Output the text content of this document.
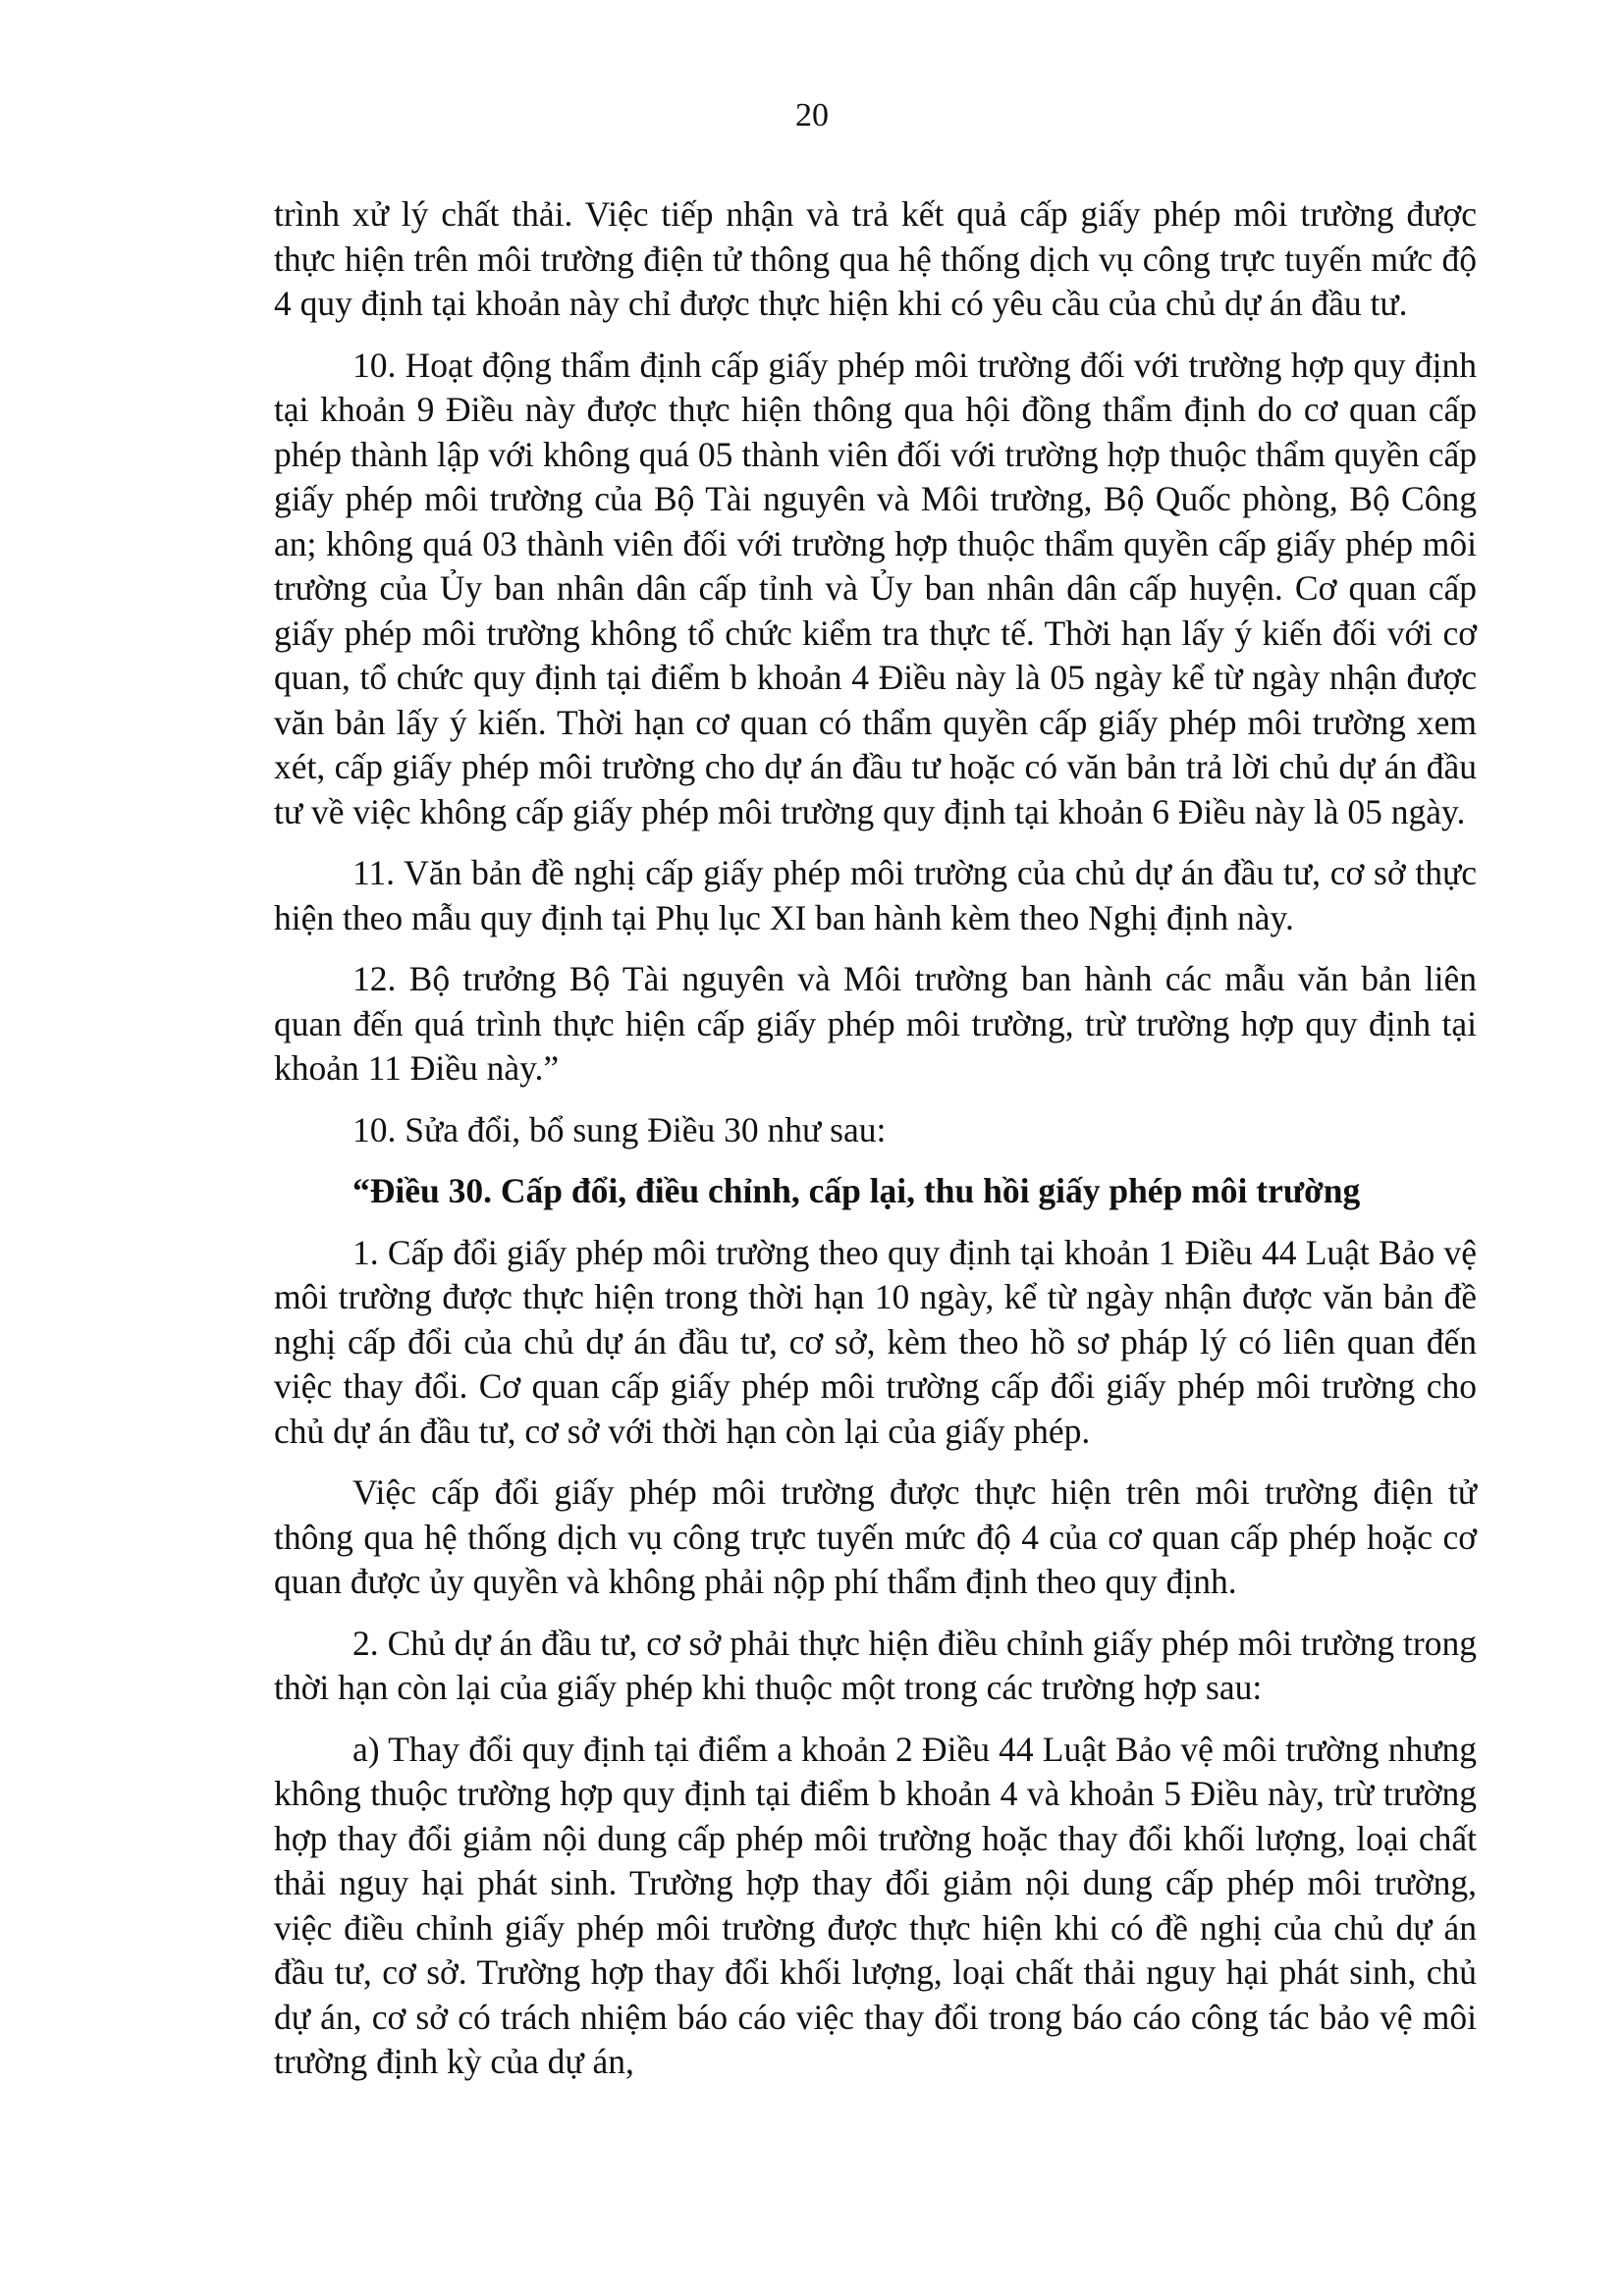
20

trình xử lý chất thải. Việc tiếp nhận và trả kết quả cấp giấy phép môi trường được thực hiện trên môi trường điện tử thông qua hệ thống dịch vụ công trực tuyến mức độ 4 quy định tại khoản này chỉ được thực hiện khi có yêu cầu của chủ dự án đầu tư.

10. Hoạt động thẩm định cấp giấy phép môi trường đối với trường hợp quy định tại khoản 9 Điều này được thực hiện thông qua hội đồng thẩm định do cơ quan cấp phép thành lập với không quá 05 thành viên đối với trường hợp thuộc thẩm quyền cấp giấy phép môi trường của Bộ Tài nguyên và Môi trường, Bộ Quốc phòng, Bộ Công an; không quá 03 thành viên đối với trường hợp thuộc thẩm quyền cấp giấy phép môi trường của Ủy ban nhân dân cấp tỉnh và Ủy ban nhân dân cấp huyện. Cơ quan cấp giấy phép môi trường không tổ chức kiểm tra thực tế. Thời hạn lấy ý kiến đối với cơ quan, tổ chức quy định tại điểm b khoản 4 Điều này là 05 ngày kể từ ngày nhận được văn bản lấy ý kiến. Thời hạn cơ quan có thẩm quyền cấp giấy phép môi trường xem xét, cấp giấy phép môi trường cho dự án đầu tư hoặc có văn bản trả lời chủ dự án đầu tư về việc không cấp giấy phép môi trường quy định tại khoản 6 Điều này là 05 ngày.

11. Văn bản đề nghị cấp giấy phép môi trường của chủ dự án đầu tư, cơ sở thực hiện theo mẫu quy định tại Phụ lục XI ban hành kèm theo Nghị định này.

12. Bộ trưởng Bộ Tài nguyên và Môi trường ban hành các mẫu văn bản liên quan đến quá trình thực hiện cấp giấy phép môi trường, trừ trường hợp quy định tại khoản 11 Điều này.”

10. Sửa đổi, bổ sung Điều 30 như sau:

“Điều 30. Cấp đổi, điều chỉnh, cấp lại, thu hồi giấy phép môi trường

1. Cấp đổi giấy phép môi trường theo quy định tại khoản 1 Điều 44 Luật Bảo vệ môi trường được thực hiện trong thời hạn 10 ngày, kể từ ngày nhận được văn bản đề nghị cấp đổi của chủ dự án đầu tư, cơ sở, kèm theo hồ sơ pháp lý có liên quan đến việc thay đổi. Cơ quan cấp giấy phép môi trường cấp đổi giấy phép môi trường cho chủ dự án đầu tư, cơ sở với thời hạn còn lại của giấy phép.

Việc cấp đổi giấy phép môi trường được thực hiện trên môi trường điện tử thông qua hệ thống dịch vụ công trực tuyến mức độ 4 của cơ quan cấp phép hoặc cơ quan được ủy quyền và không phải nộp phí thẩm định theo quy định.

2. Chủ dự án đầu tư, cơ sở phải thực hiện điều chỉnh giấy phép môi trường trong thời hạn còn lại của giấy phép khi thuộc một trong các trường hợp sau:

a) Thay đổi quy định tại điểm a khoản 2 Điều 44 Luật Bảo vệ môi trường nhưng không thuộc trường hợp quy định tại điểm b khoản 4 và khoản 5 Điều này, trừ trường hợp thay đổi giảm nội dung cấp phép môi trường hoặc thay đổi khối lượng, loại chất thải nguy hại phát sinh. Trường hợp thay đổi giảm nội dung cấp phép môi trường, việc điều chỉnh giấy phép môi trường được thực hiện khi có đề nghị của chủ dự án đầu tư, cơ sở. Trường hợp thay đổi khối lượng, loại chất thải nguy hại phát sinh, chủ dự án, cơ sở có trách nhiệm báo cáo việc thay đổi trong báo cáo công tác bảo vệ môi trường định kỳ của dự án,
